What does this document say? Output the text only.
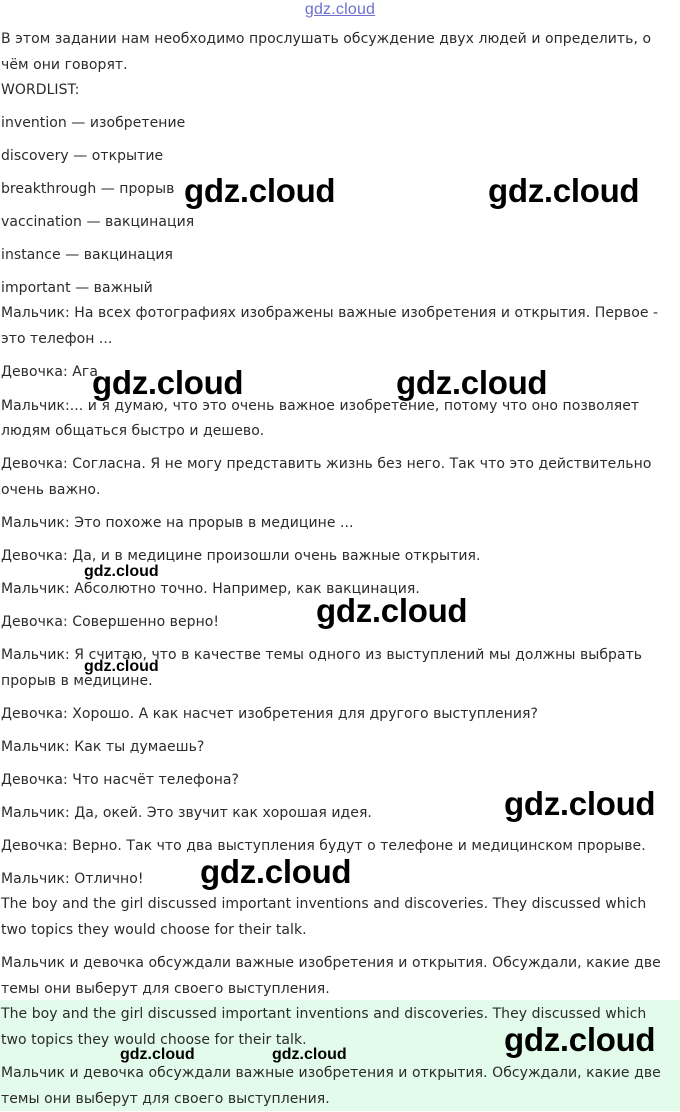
gdz.cloud

В этом задании нам необходимо прослушать обсуждение двух людей и определить, о

чём они говорят.

WORDLIST:

invention — изобретение

discovery — открытие

breakthrough — прорыв

vaccination — вакцинация

instance — вакцинация

important — важный

Мальчик: На всех фотографиях изображены важные изобретения и открытия. Первое -

это телефон ...

Девочка: Ага

Мальчик:... и я думаю, что это очень важное изобретение, потому что оно позволяет

людям общаться быстро и дешево.

Девочка: Согласна. Я не могу представить жизнь без него. Так что это действительно

очень важно.

Мальчик: Это похоже на прорыв в медицине ...

Девочка: Да, и в медицине произошли очень важные открытия.

Мальчик: Абсолютно точно. Например, как вакцинация.

Девочка: Совершенно верно!

Мальчик: Я считаю, что в качестве темы одного из выступлений мы должны выбрать

прорыв в медицине.

Девочка: Хорошо. А как насчет изобретения для другого выступления?

Мальчик: Как ты думаешь?

Девочка: Что насчёт телефона?

Мальчик: Да, окей. Это звучит как хорошая идея.

Девочка: Верно. Так что два выступления будут о телефоне и медицинском прорыве.

Мальчик: Отлично!

The boy and the girl discussed important inventions and discoveries. They discussed which

two topics they would choose for their talk.

Мальчик и девочка обсуждали важные изобретения и открытия. Обсуждали, какие две

темы они выберут для своего выступления.

The boy and the girl discussed important inventions and discoveries. They discussed which

two topics they would choose for their talk.

Мальчик и девочка обсуждали важные изобретения и открытия. Обсуждали, какие две

темы они выберут для своего выступления.

gdz.cloud	gdz.cloud
gdz.cloud	gdz.cloud
gdz.cloud
gdz.cloud
gdz.cloud
gdz.cloud
gdz.cloud
gdz.cloud
gdz.cloud	gdz.cloud
